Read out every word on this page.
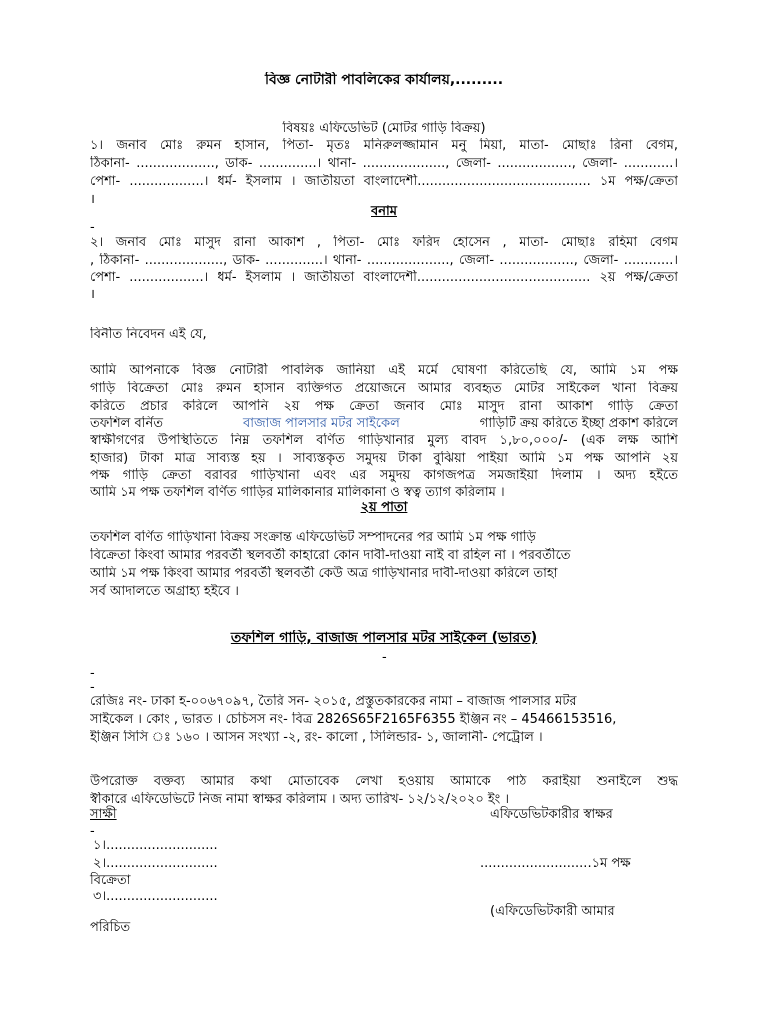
বিজ্ঞ নোটারী পাবলিকের কার্যালয়,.........
বিষয়ঃ এফিডেভিট (মোটর গাড়ি বিক্রয়)
১। জনাব মোঃ রুমন হাসান, পিতা- মৃতঃ মনিরুলজ্জামান মনু মিয়া, মাতা- মোছাঃ রিনা বেগম,
ঠিকানা- ..................., ডাক- ..............। থানা- ...................., জেলা- .................., জেলা- ............।
পেশা- ..................। ধর্ম- ইসলাম । জাতীয়তা বাংলাদেশী.......................................... ১ম পক্ষ/ক্রেতা
।
বনাম
-
২। জনাব মোঃ মাসুদ রানা আকাশ , পিতা- মোঃ ফরিদ হোসেন , মাতা- মোছাঃ রহিমা বেগম
, ঠিকানা- ..................., ডাক- ..............। থানা- ...................., জেলা- .................., জেলা- ............।
পেশা- ..................। ধর্ম- ইসলাম । জাতীয়তা বাংলাদেশী.......................................... ২য় পক্ষ/ক্রেতা
।
বিনীত নিবেদন এই যে,
আমি আপনাকে বিজ্ঞ নোটারী পাবলিক জানিয়া এই মর্মে ঘোষণা করিতেছি যে, আমি ১ম পক্ষ
গাড়ি বিক্রেতা মোঃ রুমন হাসান ব্যক্তিগত প্রয়োজনে আমার ব্যবহৃত মোটর সাইকেল খানা বিক্রয়
করিতে প্রচার করিলে আপনি ২য় পক্ষ ক্রেতা জনাব মোঃ মাসুদ রানা আকাশ গাড়ি ক্রেতা
তফশিল বর্নিত	বাজাজ পালসার মটর সাইকেল	গাড়িটি ক্রয় করিতে ইচ্ছা প্রকাশ করিলে
স্বাক্ষীগণের উপস্থিতিতে নিম্ন তফশিল বর্ণিত গাড়িখানার মুল্য বাবদ ১,৮০,০০০/- (এক লক্ষ আশি
হাজার) টাকা মাত্র সাব্যস্ত হয় । সাব্যস্তকৃত সমুদয় টাকা বুঝিয়া পাইয়া আমি ১ম পক্ষ আপনি ২য়
পক্ষ গাড়ি ক্রেতা বরাবর গাড়িখানা এবং এর সমুদয় কাগজপত্র সমজাইয়া দিলাম । অদ্য হইতে
আমি ১ম পক্ষ তফশিল বর্ণিত গাড়ির মালিকানার মালিকানা ও স্বত্ব ত্যাগ করিলাম ।
২য় পাতা
তফশিল বর্ণিত গাড়িখানা বিক্রয় সংক্রান্ত এফিডেভিট সম্পাদনের পর আমি ১ম পক্ষ গাড়ি
বিক্রেতা কিংবা আমার পরবর্তী স্থলবর্তী কাহারো কোন দাবী-দাওয়া নাই বা রহিল না । পরবর্তীতে
আমি ১ম পক্ষ কিংবা আমার পরবর্তী স্থলবর্তী কেউ অত্র গাড়িখানার দাবী-দাওয়া করিলে তাহা
সর্ব আদালতে অগ্রাহ্য হইবে ।
তফশিল গাড়ি, বাজাজ পালসার মটর সাইকেল (ভারত)
-
-
-
রেজিঃ নং- ঢাকা হ-০০৬৭০৯৭, তৈরি সন- ২০১৫, প্রস্তুতকারকের নামা – বাজাজ পালসার মটর
সাইকেল । কোং , ভারত । চেচিসস নং- বিত্র 2826S65F2165F6355 ইঞ্জিন নং – 45466153516,
ইঞ্জিন সিসি ঃ ১৬০ । আসন সংখ্যা -২, রং- কালো , সিলিন্ডার- ১, জালানী- পেট্রোল ।
উপরোক্ত বক্তব্য আমার কথা মোতাবেক লেখা হওয়ায় আমাকে পাঠ করাইয়া শুনাইলে শুদ্ধ
স্বীকারে এফিডেভিটে নিজ নামা স্বাক্ষর করিলাম । অদ্য তারিখ- ১২/১২/২০২০ ইং ।
সাক্ষী	এফিডেভিটকারীর স্বাক্ষর
-
১।...........................
২।...........................	...........................১ম পক্ষ
বিক্রেতা
৩।...........................
(এফিডেভিটকারী আমার
পরিচিত
